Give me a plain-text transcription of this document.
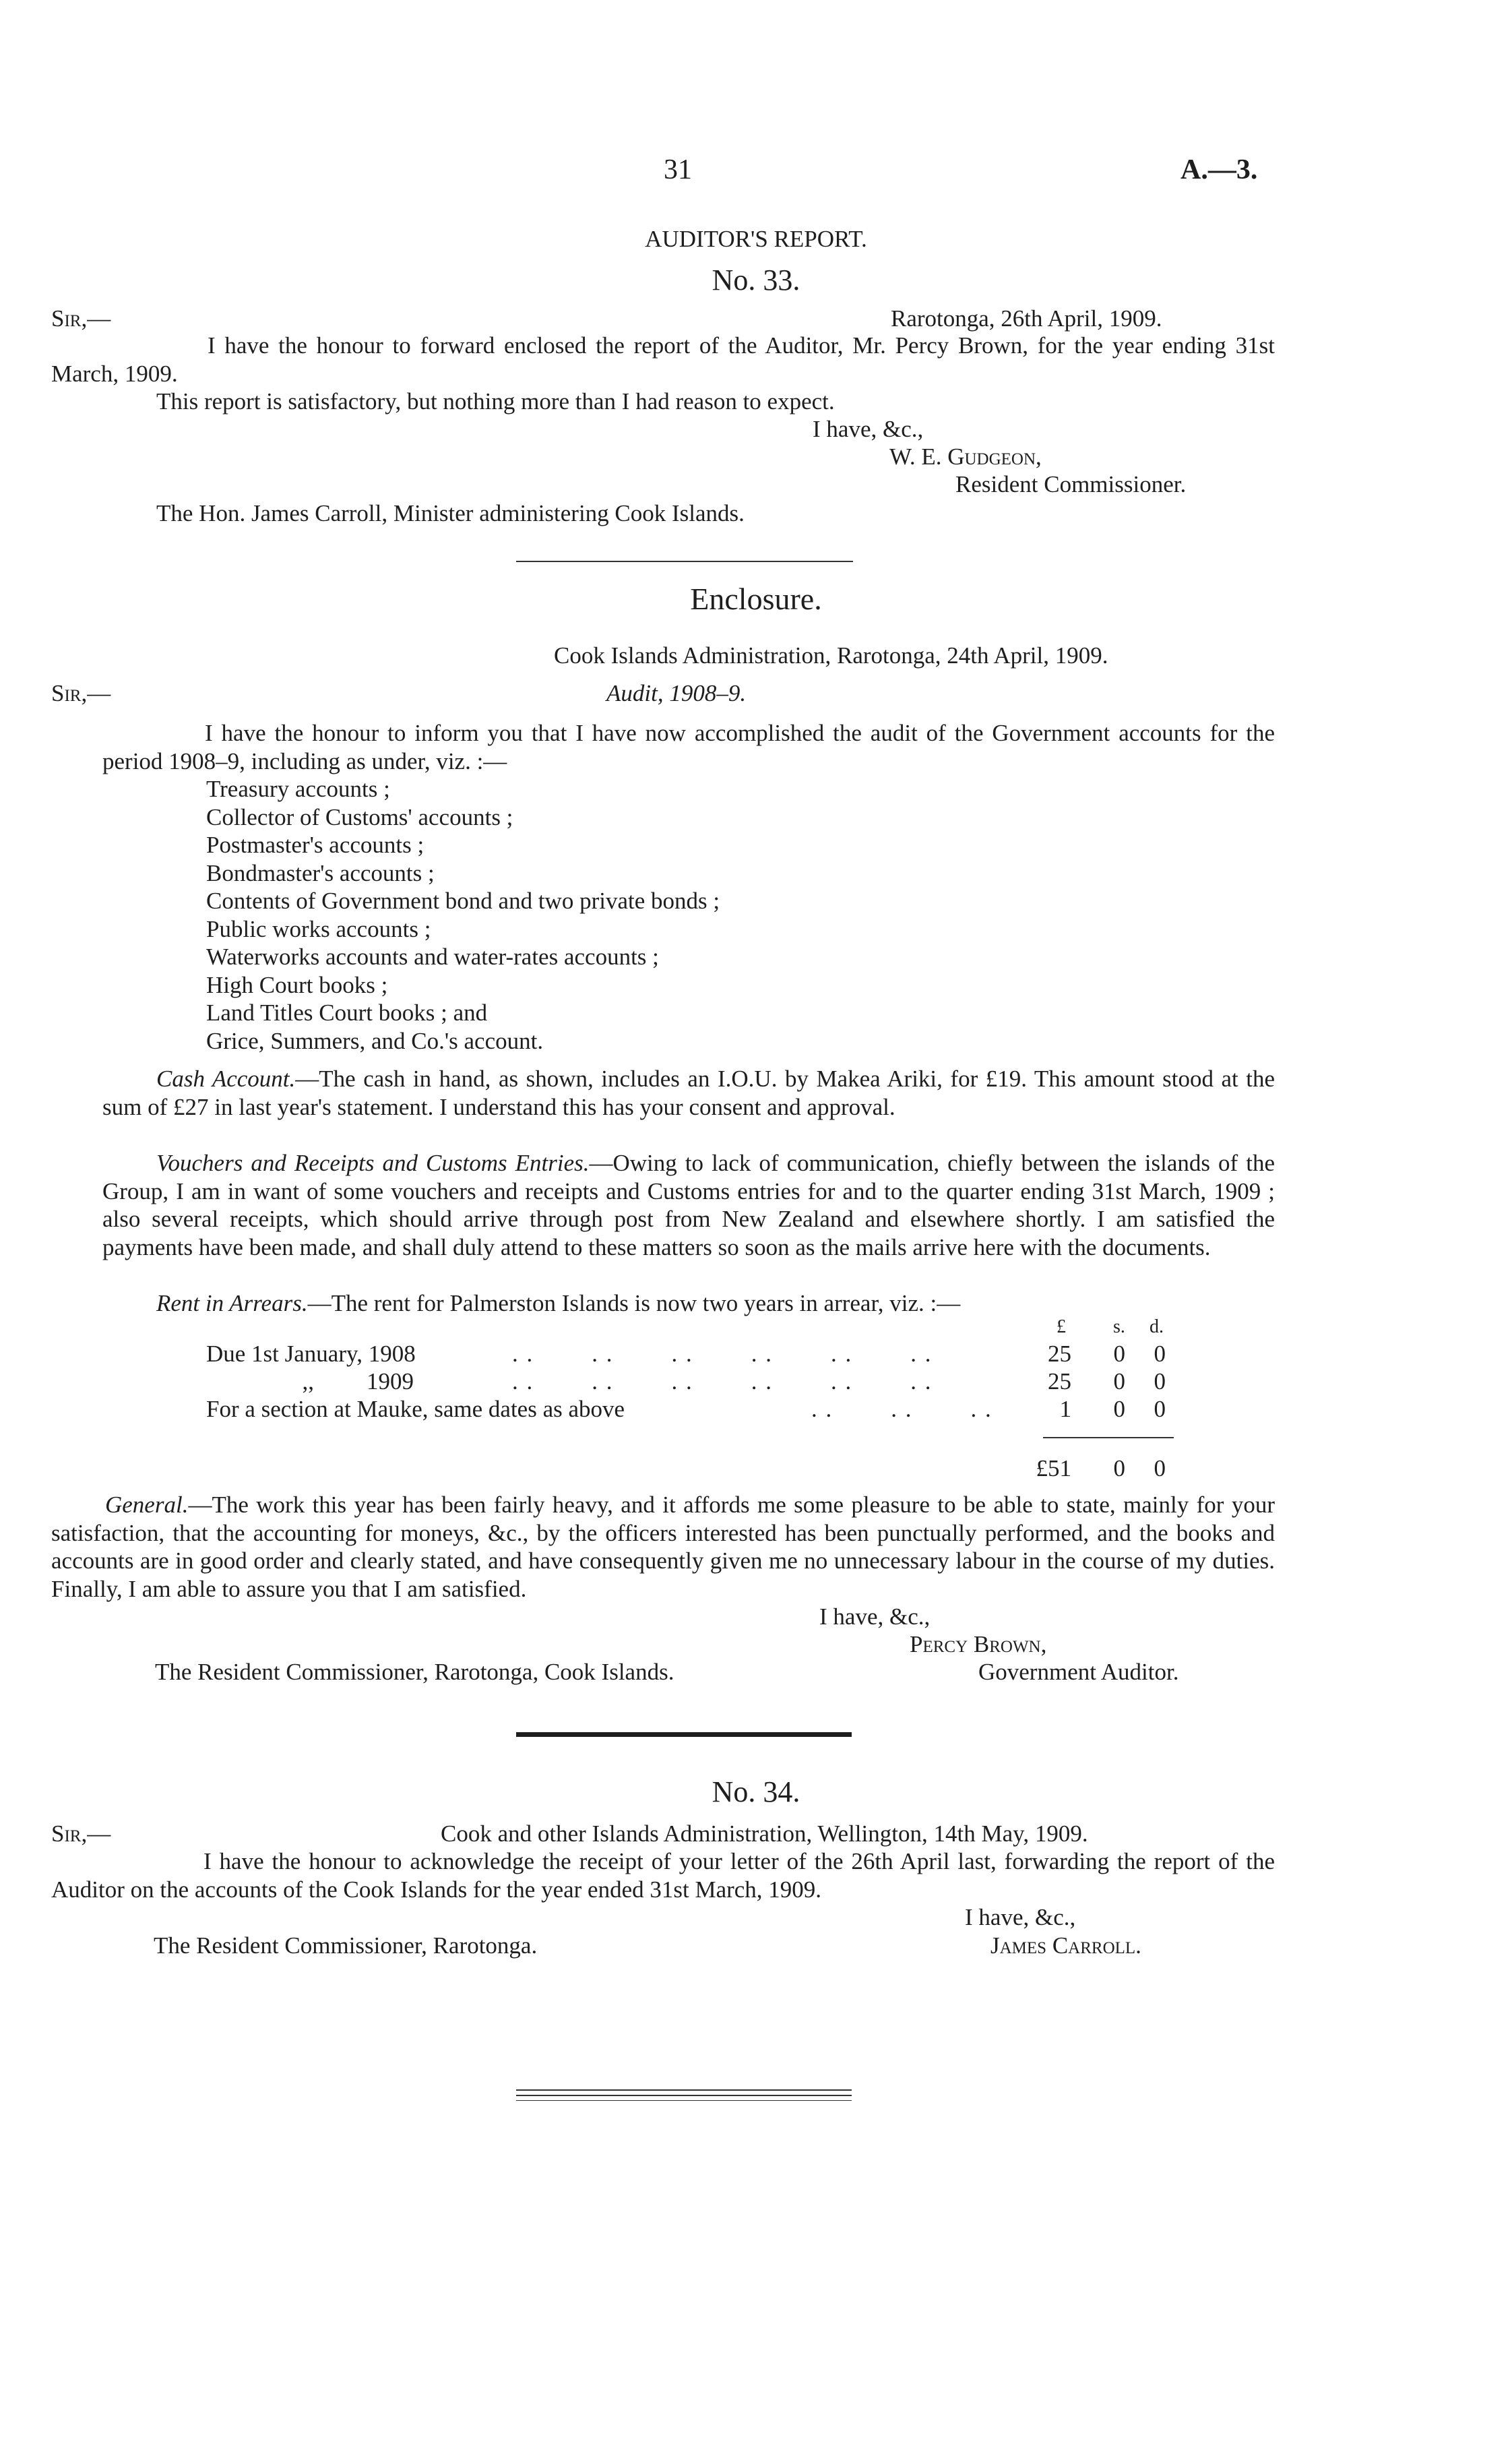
31	A.—3.
AUDITOR'S REPORT.
No. 33.
Sir,—	Rarotonga, 26th April, 1909.
I have the honour to forward enclosed the report of the Auditor, Mr. Percy Brown, for the year ending 31st March, 1909.
This report is satisfactory, but nothing more than I had reason to expect.
I have, &c.,
W. E. Gudgeon,
Resident Commissioner.
The Hon. James Carroll, Minister administering Cook Islands.
Enclosure.
Cook Islands Administration, Rarotonga, 24th April, 1909.
Sir,—	Audit, 1908–9.
I have the honour to inform you that I have now accomplished the audit of the Government accounts for the period 1908–9, including as under, viz. :—
Treasury accounts ;
Collector of Customs' accounts ;
Postmaster's accounts ;
Bondmaster's accounts ;
Contents of Government bond and two private bonds ;
Public works accounts ;
Waterworks accounts and water-rates accounts ;
High Court books ;
Land Titles Court books ; and
Grice, Summers, and Co.'s account.
Cash Account.—The cash in hand, as shown, includes an I.O.U. by Makea Ariki, for £19. This amount stood at the sum of £27 in last year's statement. I understand this has your consent and approval.
Vouchers and Receipts and Customs Entries.—Owing to lack of communication, chiefly between the islands of the Group, I am in want of some vouchers and receipts and Customs entries for and to the quarter ending 31st March, 1909 ; also several receipts, which should arrive through post from New Zealand and elsewhere shortly. I am satisfied the payments have been made, and shall duly attend to these matters so soon as the mails arrive here with the documents.
Rent in Arrears.—The rent for Palmerston Islands is now two years in arrear, viz. :—
£	s. d.
Due 1st January, 1908	. .        . .        . .        . .        . .        . .	25	0	0
,, 1909	. .        . .        . .        . .        . .        . .	25	0	0
For a section at Mauke, same dates as above	. .        . .        . .	1	0	0
£51	0	0
General.—The work this year has been fairly heavy, and it affords me some pleasure to be able to state, mainly for your satisfaction, that the accounting for moneys, &c., by the officers interested has been punctually performed, and the books and accounts are in good order and clearly stated, and have consequently given me no unnecessary labour in the course of my duties. Finally, I am able to assure you that I am satisfied.
I have, &c.,
Percy Brown,
The Resident Commissioner, Rarotonga, Cook Islands.	Government Auditor.
No. 34.
Sir,—	Cook and other Islands Administration, Wellington, 14th May, 1909.
I have the honour to acknowledge the receipt of your letter of the 26th April last, forwarding the report of the Auditor on the accounts of the Cook Islands for the year ended 31st March, 1909.
I have, &c.,
The Resident Commissioner, Rarotonga.	James Carroll.
